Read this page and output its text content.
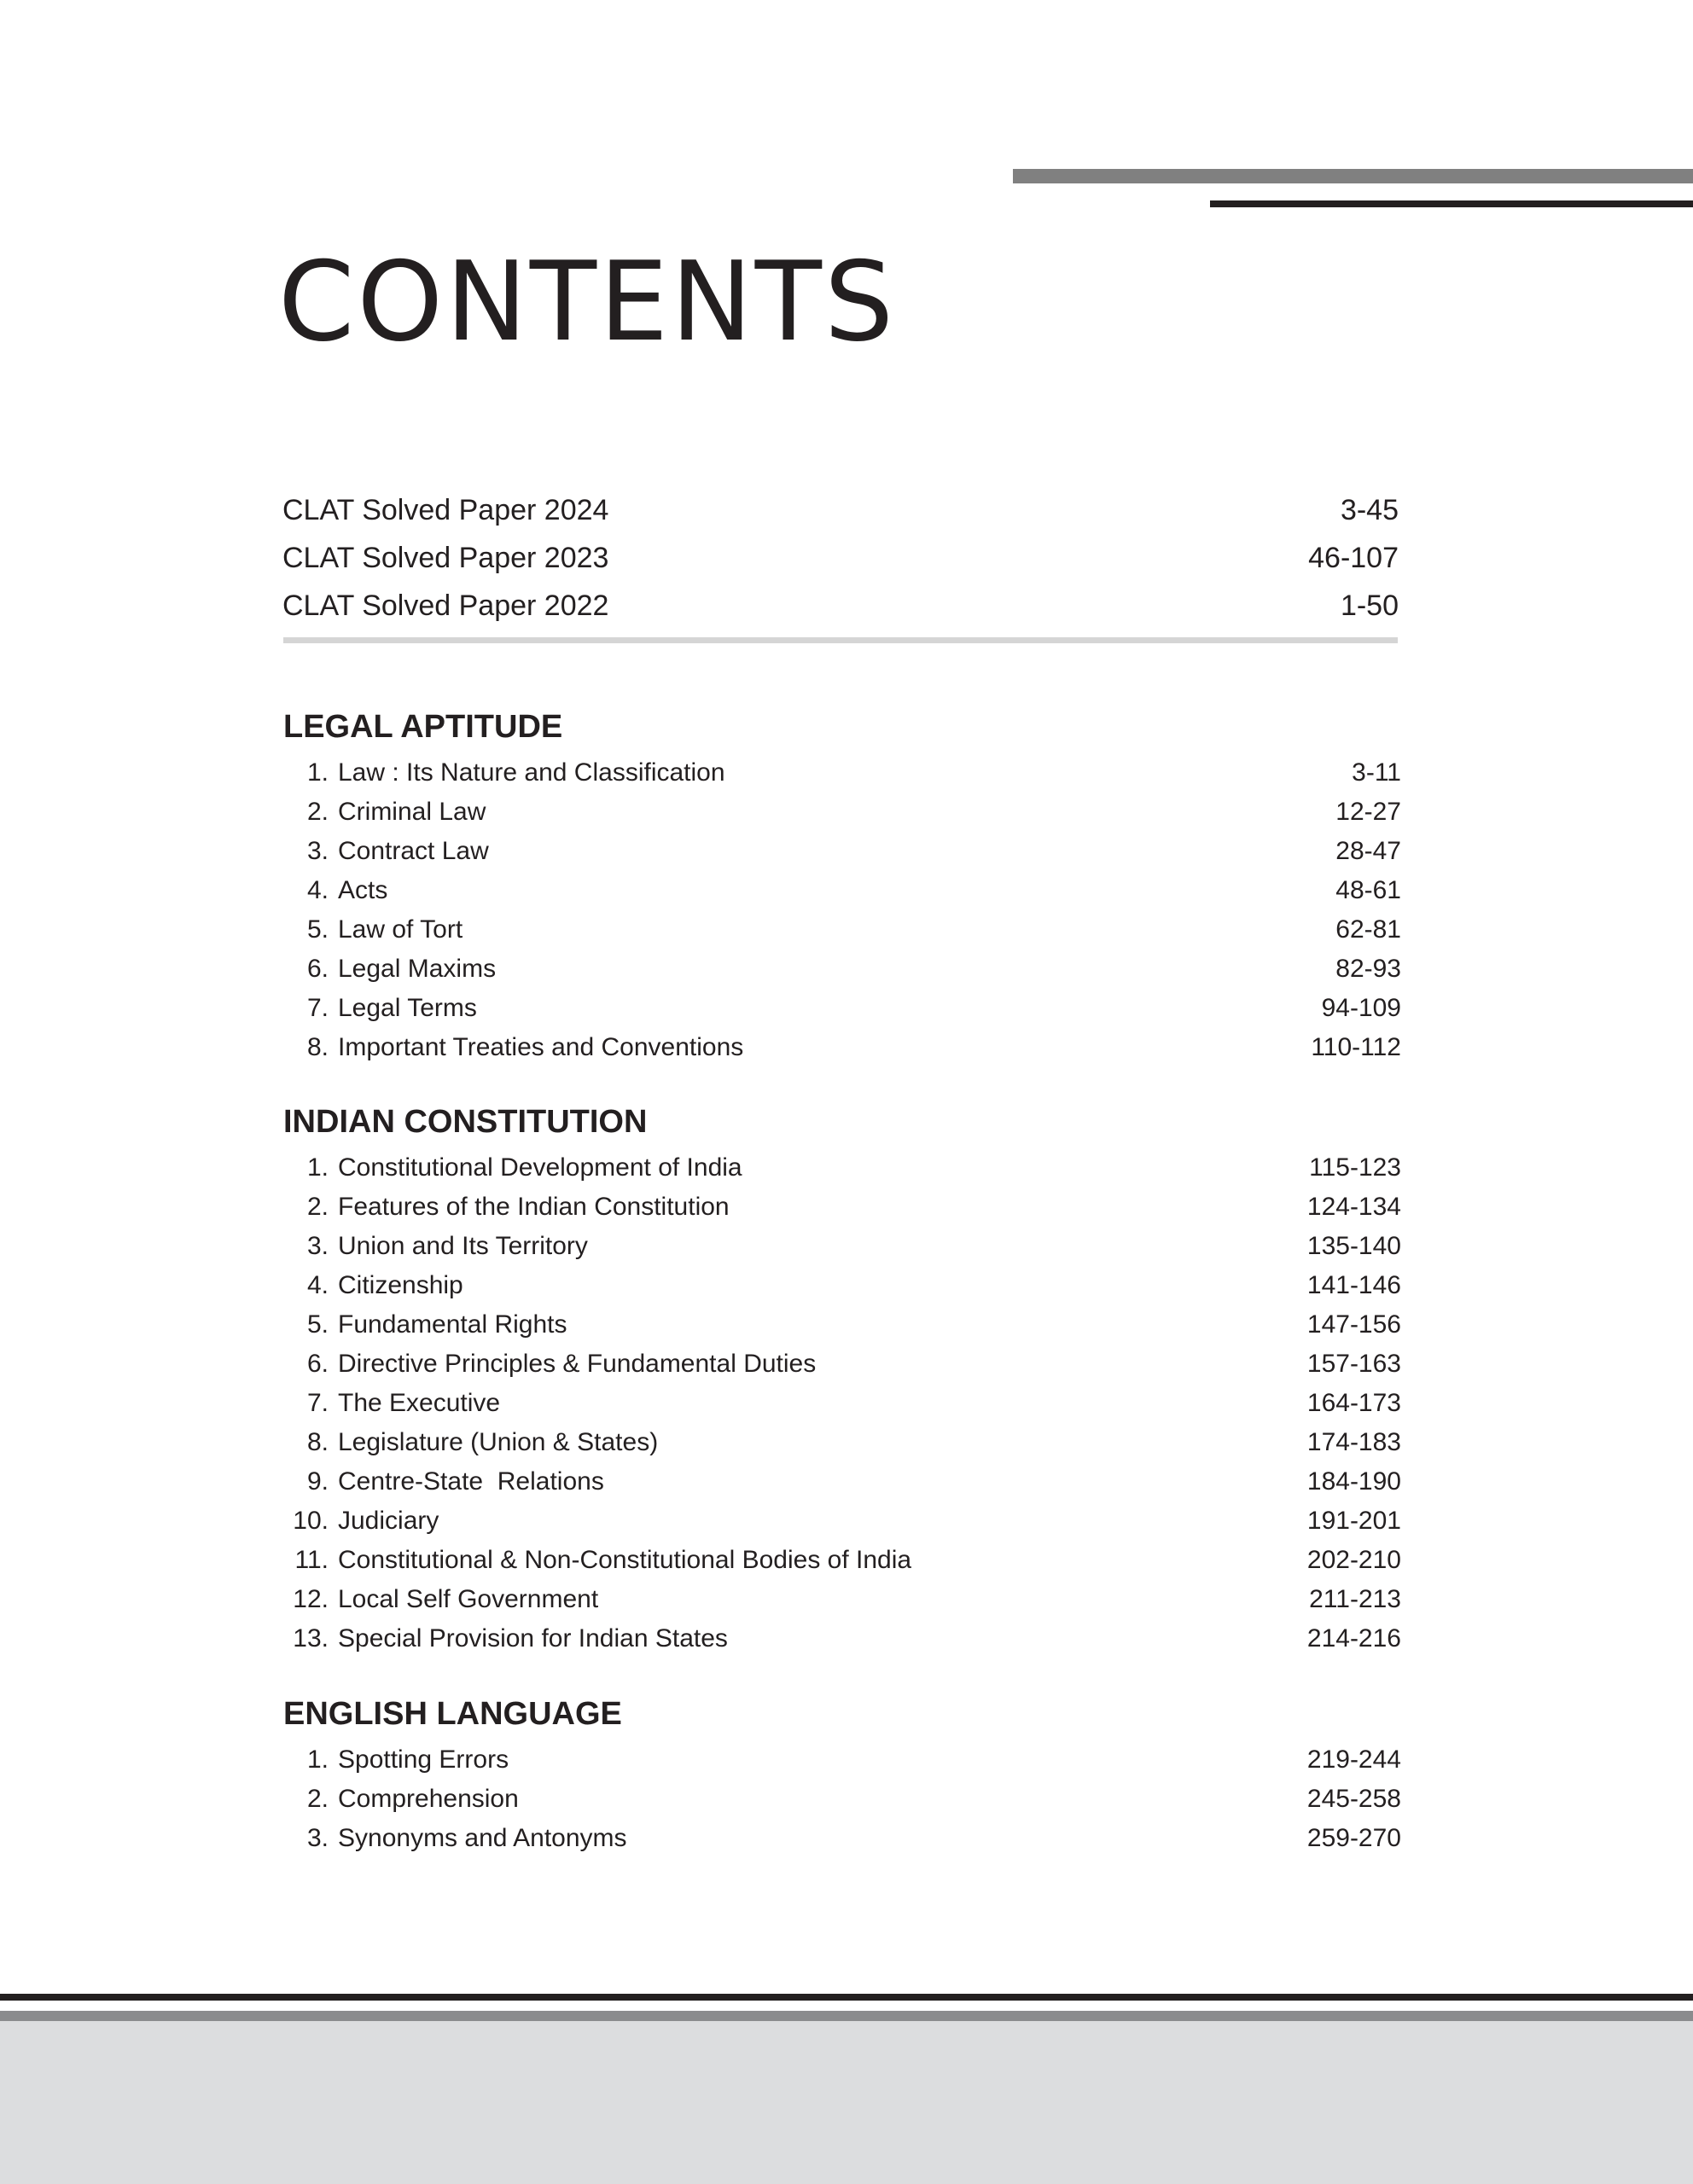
CONTENTS
CLAT Solved Paper 2024	3-45
CLAT Solved Paper 2023	46-107
CLAT Solved Paper 2022	1-50
LEGAL APTITUDE
1. Law : Its Nature and Classification	3-11
2. Criminal Law	12-27
3. Contract Law	28-47
4. Acts	48-61
5. Law of Tort	62-81
6. Legal Maxims	82-93
7. Legal Terms	94-109
8. Important Treaties and Conventions	110-112
INDIAN CONSTITUTION
1. Constitutional Development of India	115-123
2. Features of the Indian Constitution	124-134
3. Union and Its Territory	135-140
4. Citizenship	141-146
5. Fundamental Rights	147-156
6. Directive Principles & Fundamental Duties	157-163
7. The Executive	164-173
8. Legislature (Union & States)	174-183
9. Centre-State  Relations	184-190
10. Judiciary	191-201
11. Constitutional & Non-Constitutional Bodies of India	202-210
12. Local Self Government	211-213
13. Special Provision for Indian States	214-216
ENGLISH LANGUAGE
1. Spotting Errors	219-244
2. Comprehension	245-258
3. Synonyms and Antonyms	259-270
